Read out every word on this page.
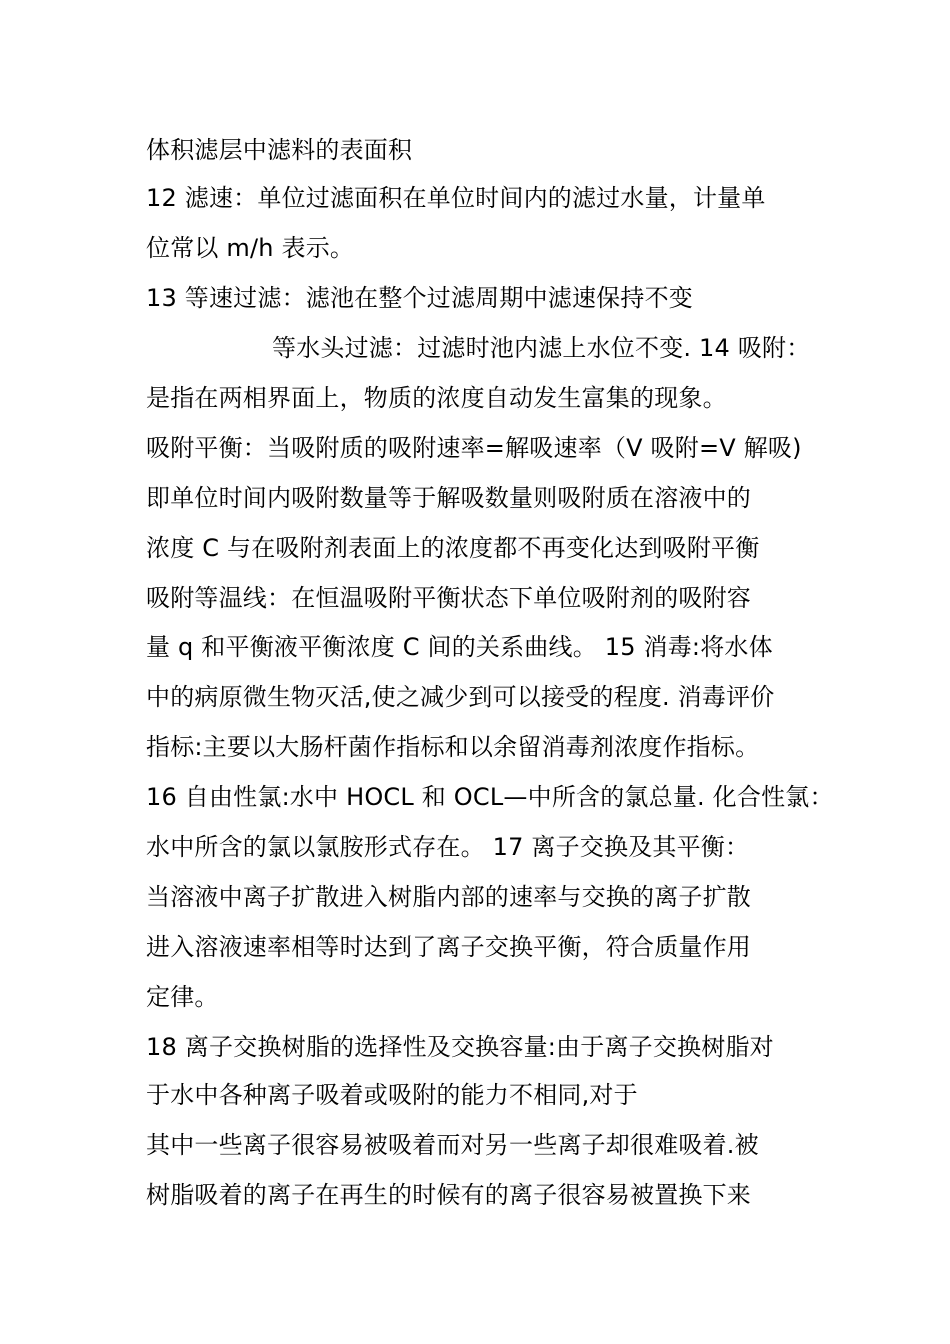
体积滤层中滤料的表面积
12 滤速：单位过滤面积在单位时间内的滤过水量，计量单
位常以 m/h 表示。
13 等速过滤：滤池在整个过滤周期中滤速保持不变
等水头过滤：过滤时池内滤上水位不变. 14 吸附：
是指在两相界面上，物质的浓度自动发生富集的现象。
吸附平衡：当吸附质的吸附速率=解吸速率（V 吸附=V 解吸)
即单位时间内吸附数量等于解吸数量则吸附质在溶液中的
浓度 C 与在吸附剂表面上的浓度都不再变化达到吸附平衡
吸附等温线：在恒温吸附平衡状态下单位吸附剂的吸附容
量 q 和平衡液平衡浓度 C 间的关系曲线。 15 消毒:将水体
中的病原微生物灭活,使之减少到可以接受的程度. 消毒评价
指标:主要以大肠杆菌作指标和以余留消毒剂浓度作指标。
16 自由性氯:水中 HOCL 和 OCL—中所含的氯总量. 化合性氯：
水中所含的氯以氯胺形式存在。 17 离子交换及其平衡：
当溶液中离子扩散进入树脂内部的速率与交换的离子扩散
进入溶液速率相等时达到了离子交换平衡，符合质量作用
定律。
18 离子交换树脂的选择性及交换容量:由于离子交换树脂对
于水中各种离子吸着或吸附的能力不相同,对于
其中一些离子很容易被吸着而对另一些离子却很难吸着.被
树脂吸着的离子在再生的时候有的离子很容易被置换下来
